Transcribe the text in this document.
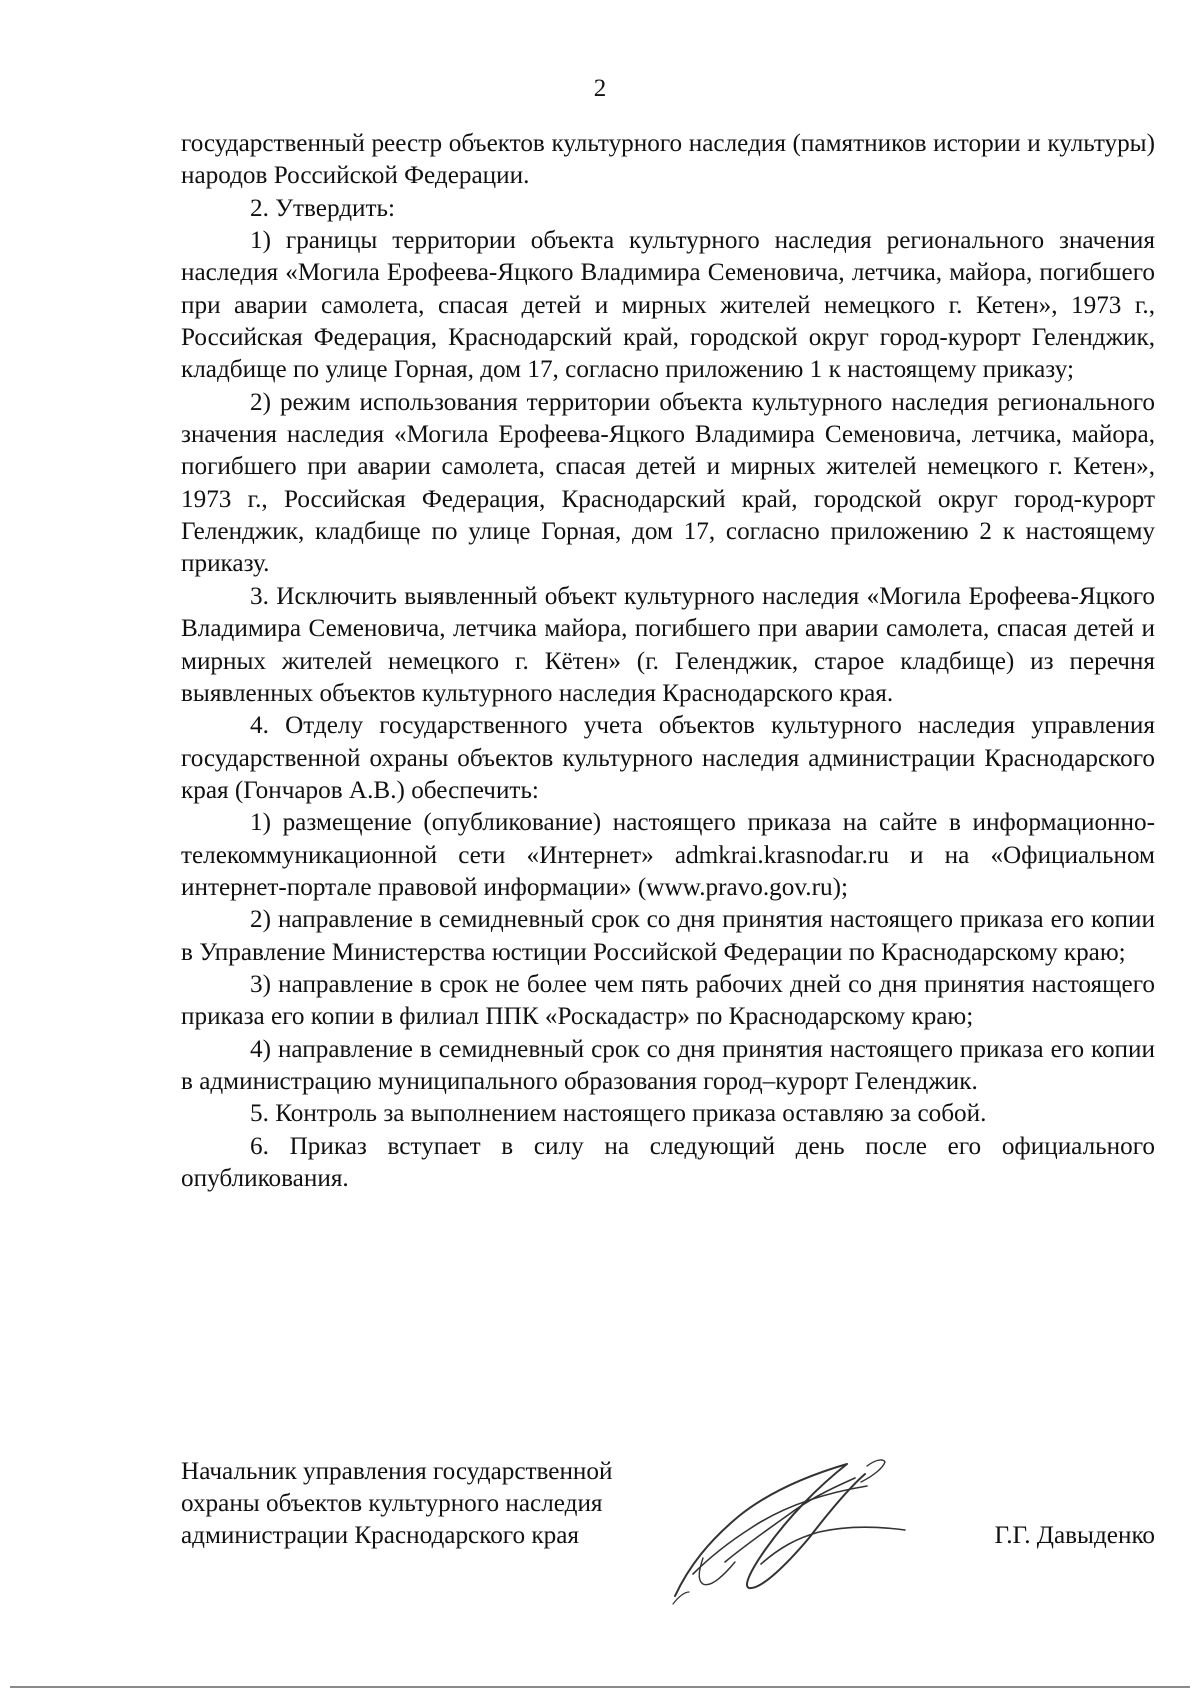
2

государственный реестр объектов культурного наследия (памятников истории и культуры) народов Российской Федерации.

2. Утвердить:

1) границы территории объекта культурного наследия регионального значения наследия «Могила Ерофеева-Яцкого Владимира Семеновича, летчика, майора, погибшего при аварии самолета, спасая детей и мирных жителей немецкого г. Кетен», 1973 г., Российская Федерация, Краснодарский край, городской округ город-курорт Геленджик, кладбище по улице Горная, дом 17, согласно приложению 1 к настоящему приказу;

2) режим использования территории объекта культурного наследия регионального значения наследия «Могила Ерофеева-Яцкого Владимира Семеновича, летчика, майора, погибшего при аварии самолета, спасая детей и мирных жителей немецкого г. Кетен», 1973 г., Российская Федерация, Краснодарский край, городской округ город-курорт Геленджик, кладбище по улице Горная, дом 17, согласно приложению 2 к настоящему приказу.

3. Исключить выявленный объект культурного наследия «Могила Ерофеева-Яцкого Владимира Семеновича, летчика майора, погибшего при аварии самолета, спасая детей и мирных жителей немецкого г. Кётен» (г. Геленджик, старое кладбище) из перечня выявленных объектов культурного наследия Краснодарского края.

4. Отделу государственного учета объектов культурного наследия управления государственной охраны объектов культурного наследия администрации Краснодарского края (Гончаров А.В.) обеспечить:

1) размещение (опубликование) настоящего приказа на сайте в информационно-телекоммуникационной сети «Интернет» admkrai.krasnodar.ru и на «Официальном интернет-портале правовой информации» (www.pravo.gov.ru);

2) направление в семидневный срок со дня принятия настоящего приказа его копии в Управление Министерства юстиции Российской Федерации по Краснодарскому краю;

3) направление в срок не более чем пять рабочих дней со дня принятия настоящего приказа его копии в филиал ППК «Роскадастр» по Краснодарскому краю;

4) направление в семидневный срок со дня принятия настоящего приказа его копии в администрацию муниципального образования город–курорт Геленджик.

5. Контроль за выполнением настоящего приказа оставляю за собой.

6. Приказ вступает в силу на следующий день после его официального опубликования.

Начальник управления государственной
охраны объектов культурного наследия
администрации Краснодарского края	Г.Г. Давыденко
